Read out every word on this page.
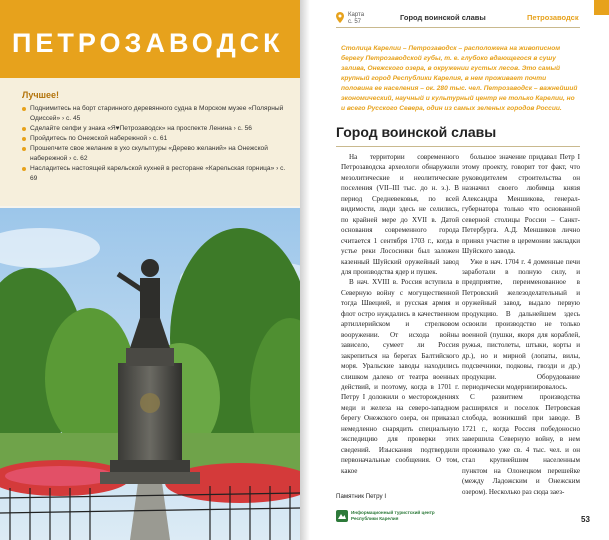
ПЕТРОЗАВОДСК
Лучшее!
Поднимитесь на борт старинного деревянного судна в Морском музее «Полярный Одиссей» › с. 45
Сделайте селфи у знака «Я♥Петрозаводск» на проспекте Ленина › с. 56
Пройдитесь по Онежской набережной › с. 61
Прошепчите свое желание в ухо скульптуры «Дерево желаний» на Онежской набережной › с. 62
Насладитесь настоящей карельской кухней в ресторане «Карельская горница» › с. 69
Карта
с. 57	Город воинской славы	Петрозаводск
Столица Карелии – Петрозаводск – расположена на живописном берегу Петрозаводской губы, т. е. глубоко вдающегося в сушу залива, Онежского озера, в окружении густых лесов. Это самый крупный город Республики Карелия, в нем проживает почти половина ее населения – ок. 280 тыс. чел. Петрозаводск – важнейший экономический, научный и культурный центр не только Карелии, но и всего Русского Севера, один из самых зеленых городов России.
Город воинской славы

На территории современного Петрозаводска археологи обнаружили мезолитические и неолитические поселения (VII–III тыс. до н. э.). В период Средневековья, по всей видимости, люди здесь не селились, по крайней мере до XVII в. Датой основания современного города считается 1 сентября 1703 г., когда в устье реки Лососинки был заложен казенный Шуйский оружейный завод для производства ядер и пушек.

В нач. XVIII в. Россия вступила в Северную войну с могущественной тогда Швецией, и русская армия и флот остро нуждались в качественном артиллерийском и стрелковом вооружении. От исхода войны зависело, сумеет ли Россия закрепиться на берегах Балтийского моря. Уральские заводы находились слишком далеко от театра военных действий, и поэтому, когда в 1701 г. Петру I доложили о месторождениях меди и железа на северо-западном берегу Онежского озера, он приказал немедленно снарядить специальную экспедицию для проверки этих сведений. Изыскания подтвердили первоначальные сообщения. О том, какое

большое значение придавал Петр I этому проекту, говорит тот факт, что руководителем строительства он назначил своего любимца князя Александра Меншикова, генерал-губернатора только что основанной северной столицы России – Санкт-Петербурга. А.Д. Меншиков лично принял участие в церемонии закладки Шуйского завода.

Уже в нач. 1704 г. 4 доменные печи заработали в полную силу, и предприятие, переименованное в Петровский железоделательный и оружейный завод, выдало первую продукцию. В дальнейшем здесь освоили производство не только военной (пушки, якоря для кораблей, ружья, пистолеты, штыки, корты и др.), но и мирной (лопаты, вилы, подсвечники, подковы, гвозди и др.) продукции. Оборудование периодически модернизировалось.

С развитием производства расширялся и поселок Петровская слобода, возникший при заводе. В 1721 г., когда Россия победоносно завершила Северную войну, в нем проживало уже св. 4 тыс. чел. и он стал крупнейшим населенным пунктом на Олонецком перешейке (между Ладожским и Онежским озером). Несколько раз сюда заез-

Памятник Петру I
Информационный туристский центр Республики Карелия	53
